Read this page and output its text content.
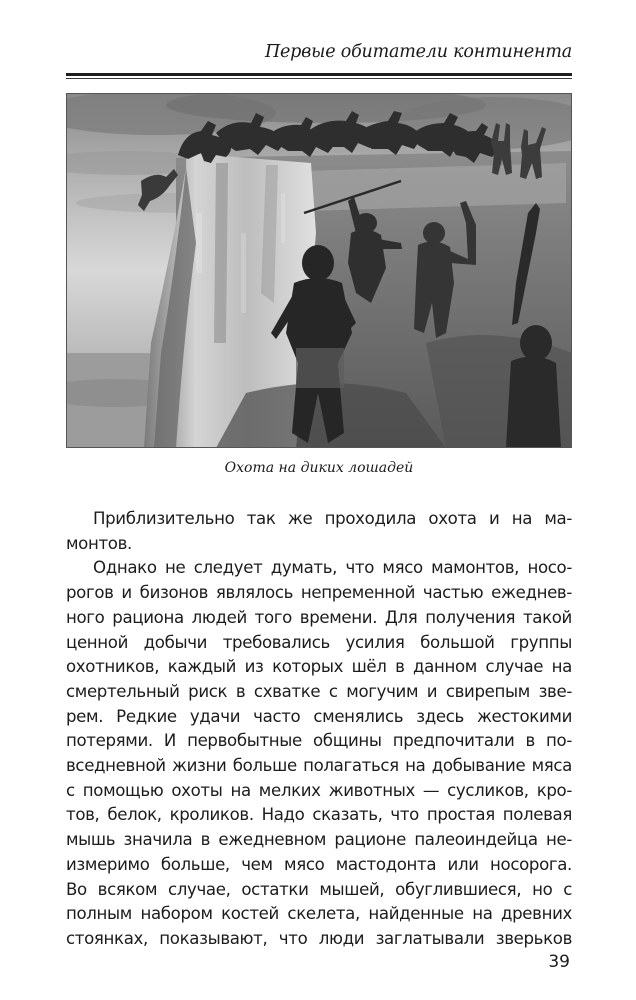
Первые обитатели континента
Охота на диких лошадей
Приблизительно так же проходила охота и на ма-
монтов.
Однако не следует думать, что мясо мамонтов, носо-
рогов и бизонов являлось непременной частью ежеднев-
ного рациона людей того времени. Для получения такой
ценной добычи требовались усилия большой группы
охотников, каждый из которых шёл в данном случае на
смертельный риск в схватке с могучим и свирепым зве-
рем. Редкие удачи часто сменялись здесь жестокими
потерями. И первобытные общины предпочитали в по-
вседневной жизни больше полагаться на добывание мяса
с помощью охоты на мелких животных — сусликов, кро-
тов, белок, кроликов. Надо сказать, что простая полевая
мышь значила в ежедневном рационе палеоиндейца не-
измеримо больше, чем мясо мастодонта или носорога.
Во всяком случае, остатки мышей, обуглившиеся, но с
полным набором костей скелета, найденные на древних
стоянках, показывают, что люди заглатывали зверьков
39
